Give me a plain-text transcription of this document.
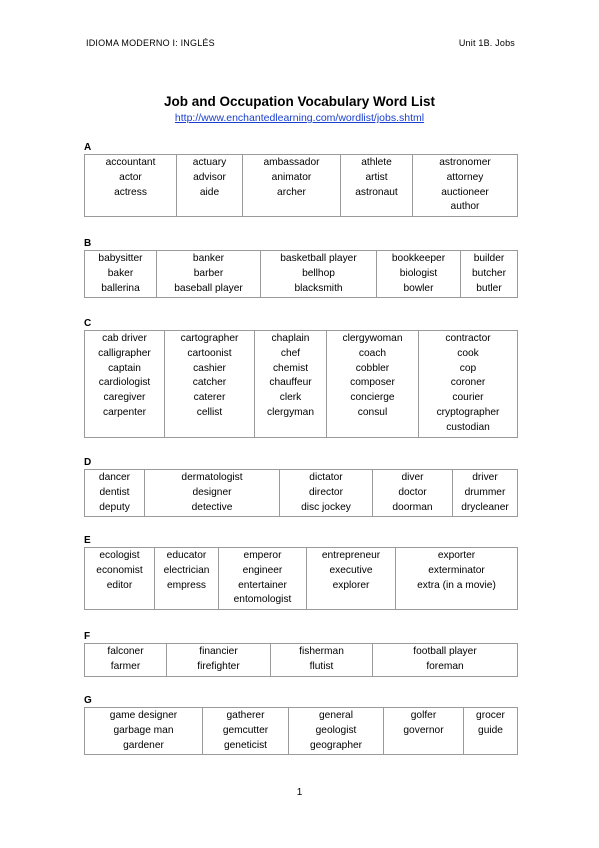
IDIOMA MODERNO I: INGLÉS	Unit 1B. Jobs
Job and Occupation Vocabulary Word List
http://www.enchantedlearning.com/wordlist/jobs.shtml
A
accountant
actor
actress

actuary
advisor
aide

ambassador
animator
archer

athlete
artist
astronaut

astronomer
attorney
auctioneer
author
B
babysitter
baker
ballerina

banker
barber
baseball player

basketball player
bellhop
blacksmith

bookkeeper
biologist
bowler

builder
butcher
butler
C
cab driver
calligrapher
captain
cardiologist
caregiver
carpenter

cartographer
cartoonist
cashier
catcher
caterer
cellist

chaplain
chef
chemist
chauffeur
clerk
clergyman

clergywoman
coach
cobbler
composer
concierge
consul

contractor
cook
cop
coroner
courier
cryptographer
custodian
D
dancer
dentist
deputy

dermatologist
designer
detective

dictator
director
disc jockey

diver
doctor
doorman

driver
drummer
drycleaner
E
ecologist
economist
editor

educator
electrician
empress

emperor
engineer
entertainer
entomologist

entrepreneur
executive
explorer

exporter
exterminator
extra (in a movie)
F
falconer
farmer

financier
firefighter

fisherman
flutist

football player
foreman
G
game designer
garbage man
gardener

gatherer
gemcutter
geneticist

general
geologist
geographer

golfer
governor

grocer
guide
1
